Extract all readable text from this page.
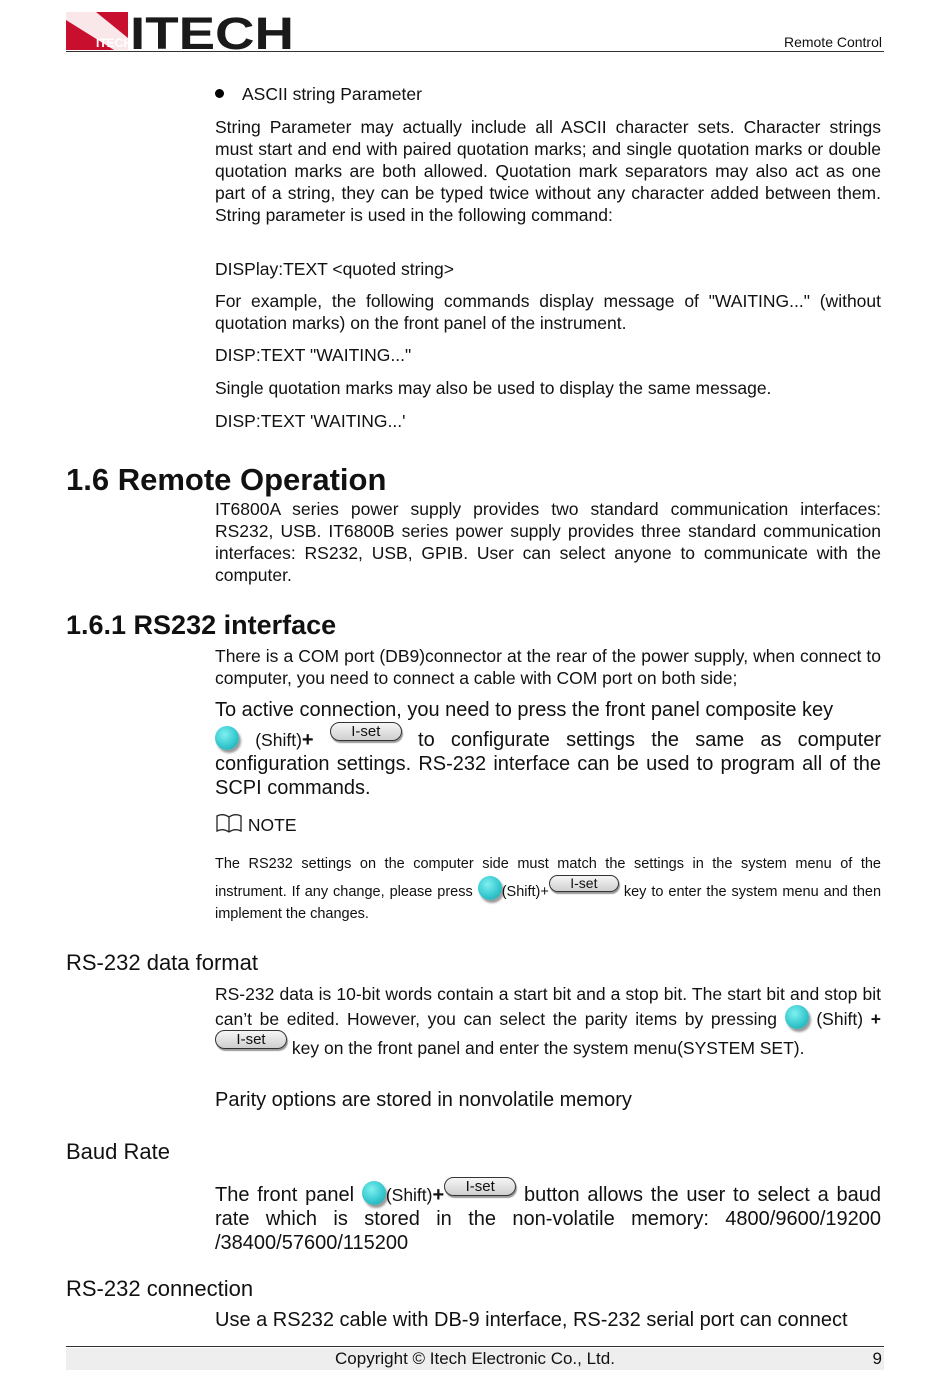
ITECH
ITECH	Remote Control
ASCII string Parameter
String Parameter may actually include all ASCII character sets. Character strings must start and end with paired quotation marks; and single quotation marks or double quotation marks are both allowed. Quotation mark separators may also act as one part of a string, they can be typed twice without any character added between them. String parameter is used in the following command:
DISPlay:TEXT <quoted string>
For example, the following commands display message of "WAITING..." (without quotation marks) on the front panel of the instrument.
DISP:TEXT "WAITING..."
Single quotation marks may also be used to display the same message.
DISP:TEXT 'WAITING...'
1.6 Remote Operation
IT6800A series power supply provides two standard communication interfaces: RS232, USB. IT6800B series power supply provides three standard communication interfaces: RS232, USB, GPIB. User can select anyone to communicate with the computer.
1.6.1 RS232 interface
There is a COM port (DB9)connector at the rear of the power supply, when connect to computer, you need to connect a cable with COM port on both side;
To active connection, you need to press the front panel composite key
(Shift)+	I-set to configurate settings the same as computer configuration settings. RS-232 interface can be used to program all of the SCPI commands.
NOTE
The RS232 settings on the computer side must match the settings in the system menu of the instrument. If any change, please press (Shift)+I-set key to enter the system menu and then implement the changes.
RS-232 data format
RS-232 data is 10-bit words contain a start bit and a stop bit. The start bit and stop bit can’t be edited. However, you can select the parity items by pressing (Shift) + I-set key on the front panel and enter the system menu(SYSTEM SET).
Parity options are stored in nonvolatile memory
Baud Rate
The front panel (Shift)+ I-set button allows the user to select a baud rate which is stored in the non-volatile memory: 4800/9600/19200 /38400/57600/115200
RS-232 connection
Use a RS232 cable with DB-9 interface, RS-232 serial port can connect
Copyright © Itech Electronic Co., Ltd.	9
